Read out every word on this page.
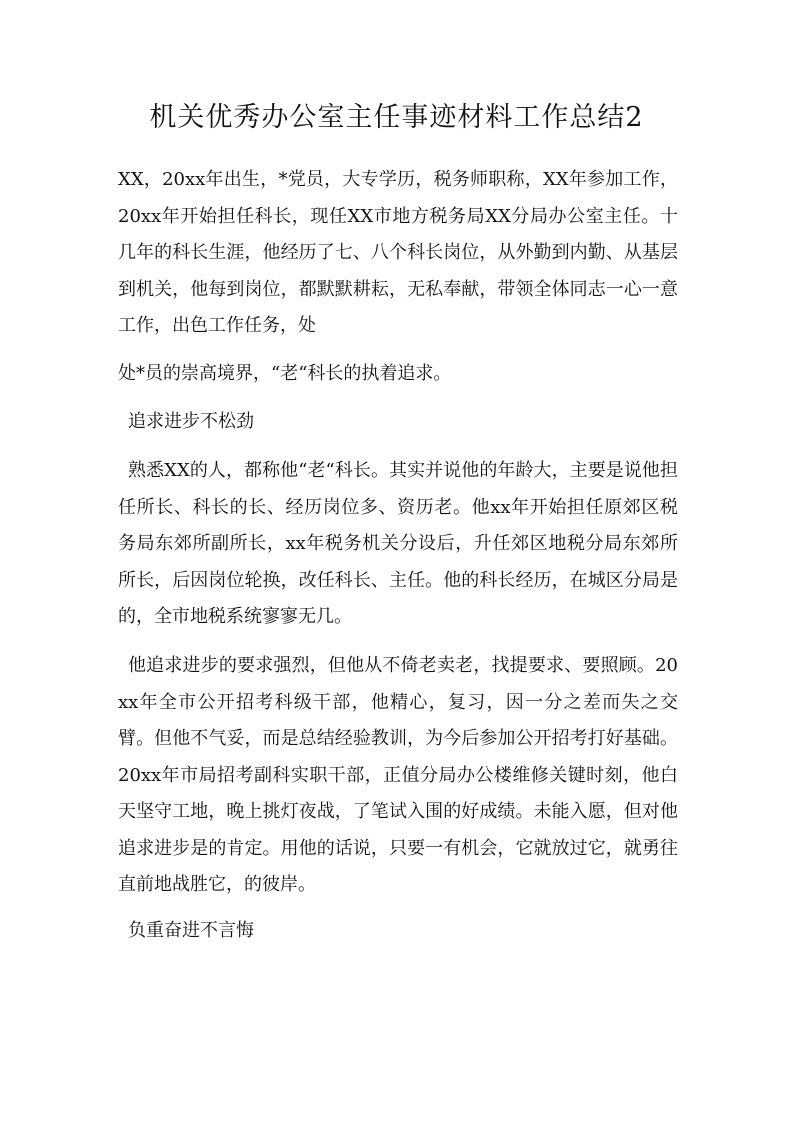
机关优秀办公室主任事迹材料工作总结2

XX，20xx年出生，*党员，大专学历，税务师职称，XX年参加工作，20xx年开始担任科长，现任XX市地方税务局XX分局办公室主任。十几年的科长生涯，他经历了七、八个科长岗位，从外勤到内勤、从基层到机关，他每到岗位，都默默耕耘，无私奉献，带领全体同志一心一意工作，出色工作任务，处

处*员的崇高境界，“老“科长的执着追求。

追求进步不松劲

熟悉XX的人，都称他“老“科长。其实并说他的年龄大，主要是说他担任所长、科长的长、经历岗位多、资历老。他xx年开始担任原郊区税务局东郊所副所长，xx年税务机关分设后，升任郊区地税分局东郊所所长，后因岗位轮换，改任科长、主任。他的科长经历，在城区分局是的，全市地税系统寥寥无几。

他追求进步的要求强烈，但他从不倚老卖老，找提要求、要照顾。20xx年全市公开招考科级干部，他精心，复习，因一分之差而失之交臂。但他不气妥，而是总结经验教训，为今后参加公开招考打好基础。20xx年市局招考副科实职干部，正值分局办公楼维修关键时刻，他白天坚守工地，晚上挑灯夜战，了笔试入围的好成绩。未能入愿，但对他追求进步是的肯定。用他的话说，只要一有机会，它就放过它，就勇往直前地战胜它，的彼岸。

负重奋进不言悔
